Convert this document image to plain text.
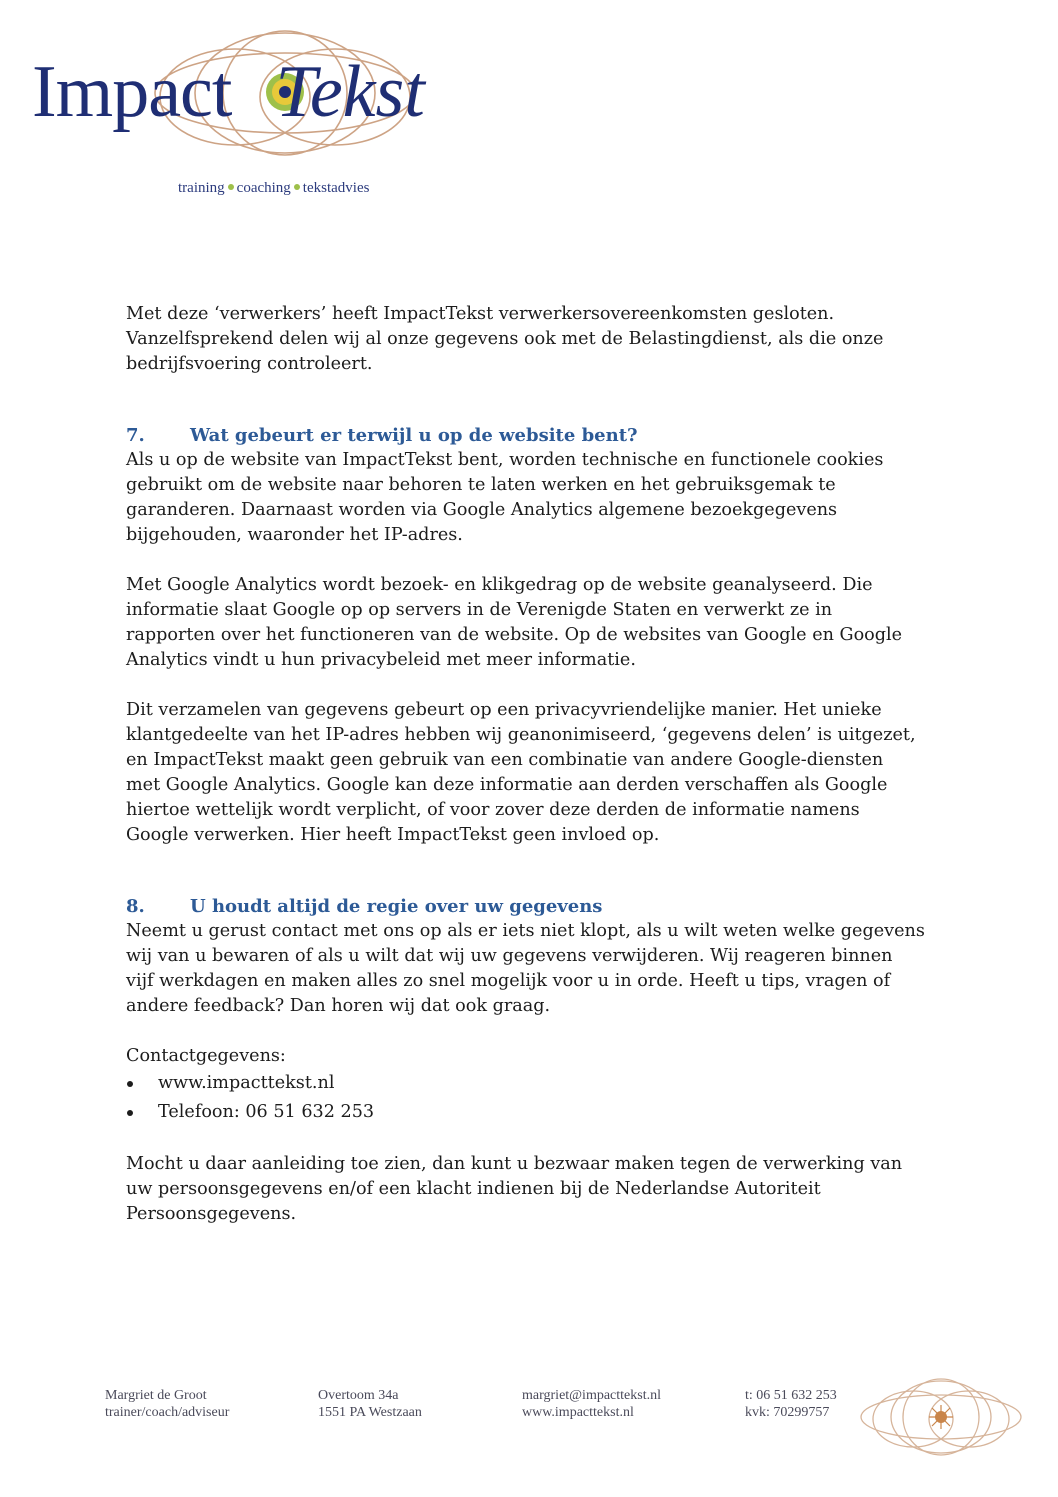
Impact Tekst
training coaching tekstadvies

Met deze ‘verwerkers’ heeft ImpactTekst verwerkersovereenkomsten gesloten.

Vanzelfsprekend delen wij al onze gegevens ook met de Belastingdienst, als die onze

bedrijfsvoering controleert.

7.	Wat gebeurt er terwijl u op de website bent?

Als u op de website van ImpactTekst bent, worden technische en functionele cookies

gebruikt om de website naar behoren te laten werken en het gebruiksgemak te

garanderen. Daarnaast worden via Google Analytics algemene bezoekgegevens

bijgehouden, waaronder het IP-adres.

Met Google Analytics wordt bezoek- en klikgedrag op de website geanalyseerd. Die

informatie slaat Google op op servers in de Verenigde Staten en verwerkt ze in

rapporten over het functioneren van de website. Op de websites van Google en Google

Analytics vindt u hun privacybeleid met meer informatie.

Dit verzamelen van gegevens gebeurt op een privacyvriendelijke manier. Het unieke

klantgedeelte van het IP-adres hebben wij geanonimiseerd, ‘gegevens delen’ is uitgezet,

en ImpactTekst maakt geen gebruik van een combinatie van andere Google-diensten

met Google Analytics. Google kan deze informatie aan derden verschaffen als Google

hiertoe wettelijk wordt verplicht, of voor zover deze derden de informatie namens

Google verwerken. Hier heeft ImpactTekst geen invloed op.

8.	U houdt altijd de regie over uw gegevens

Neemt u gerust contact met ons op als er iets niet klopt, als u wilt weten welke gegevens

wij van u bewaren of als u wilt dat wij uw gegevens verwijderen. Wij reageren binnen

vijf werkdagen en maken alles zo snel mogelijk voor u in orde. Heeft u tips, vragen of

andere feedback? Dan horen wij dat ook graag.

Contactgegevens:

www.impacttekst.nl
Telefoon: 06 51 632 253

Mocht u daar aanleiding toe zien, dan kunt u bezwaar maken tegen de verwerking van

uw persoonsgegevens en/of een klacht indienen bij de Nederlandse Autoriteit

Persoonsgegevens.

Margriet de Groot
trainer/coach/adviseur
Overtoom 34a
1551 PA Westzaan
margriet@impacttekst.nl
www.impacttekst.nl
t: 06 51 632 253
kvk: 70299757
